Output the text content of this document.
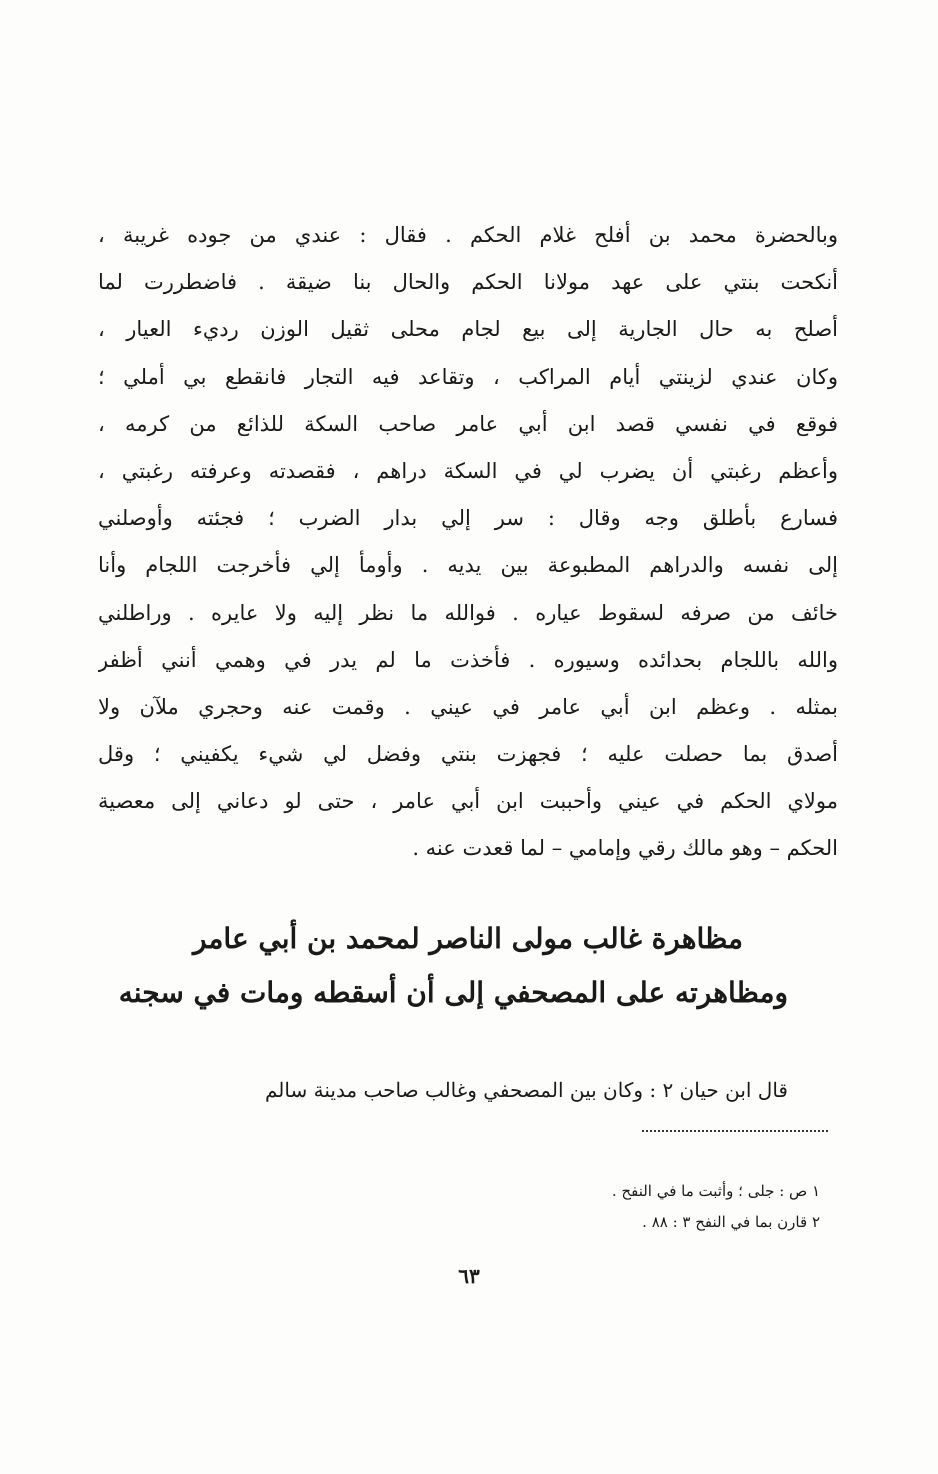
وبالحضرة محمد بن أفلح غلام الحكم . فقال : عندي من جوده غريبة ،
أنكحت بنتي على عهد مولانا الحكم والحال بنا ضيقة . فاضطررت لما
أصلح به حال الجارية إلى بيع لجام محلى ثقيل الوزن رديء العيار ،
وكان عندي لزينتي أيام المراكب ، وتقاعد فيه التجار فانقطع بي أملي ؛
فوقع في نفسي قصد ابن أبي عامر صاحب السكة للذائع من كرمه ،
وأعظم رغبتي أن يضرب لي في السكة دراهم ، فقصدته وعرفته رغبتي ،
فسارع بأطلق وجه وقال : سر إلي بدار الضرب ؛ فجئته وأوصلني
إلى نفسه والدراهم المطبوعة بين يديه . وأومأ إلي فأخرجت اللجام وأنا
خائف من صرفه لسقوط عياره . فوالله ما نظر إليه ولا عايره . وراطلني
والله باللجام بحدائده وسيوره . فأخذت ما لم يدر في وهمي أنني أظفر
بمثله . وعظم ابن أبي عامر في عيني . وقمت عنه وحجري ملآن ولا
أصدق بما حصلت عليه ؛ فجهزت بنتي وفضل لي شيء يكفيني ؛ وقل
مولاي الحكم في عيني وأحببت ابن أبي عامر ، حتى لو دعاني إلى معصية
الحكم – وهو مالك رقي وإمامي – لما قعدت عنه .
مظاهرة غالب مولى الناصر لمحمد بن أبي عامر
ومظاهرته على المصحفي إلى أن أسقطه ومات في سجنه
قال ابن حيان ٢ : وكان بين المصحفي وغالب صاحب مدينة سالم
١ ص : جلى ؛ وأثبت ما في النفح .
٢ قارن بما في النفح ٣ : ٨٨ .
٦٣
